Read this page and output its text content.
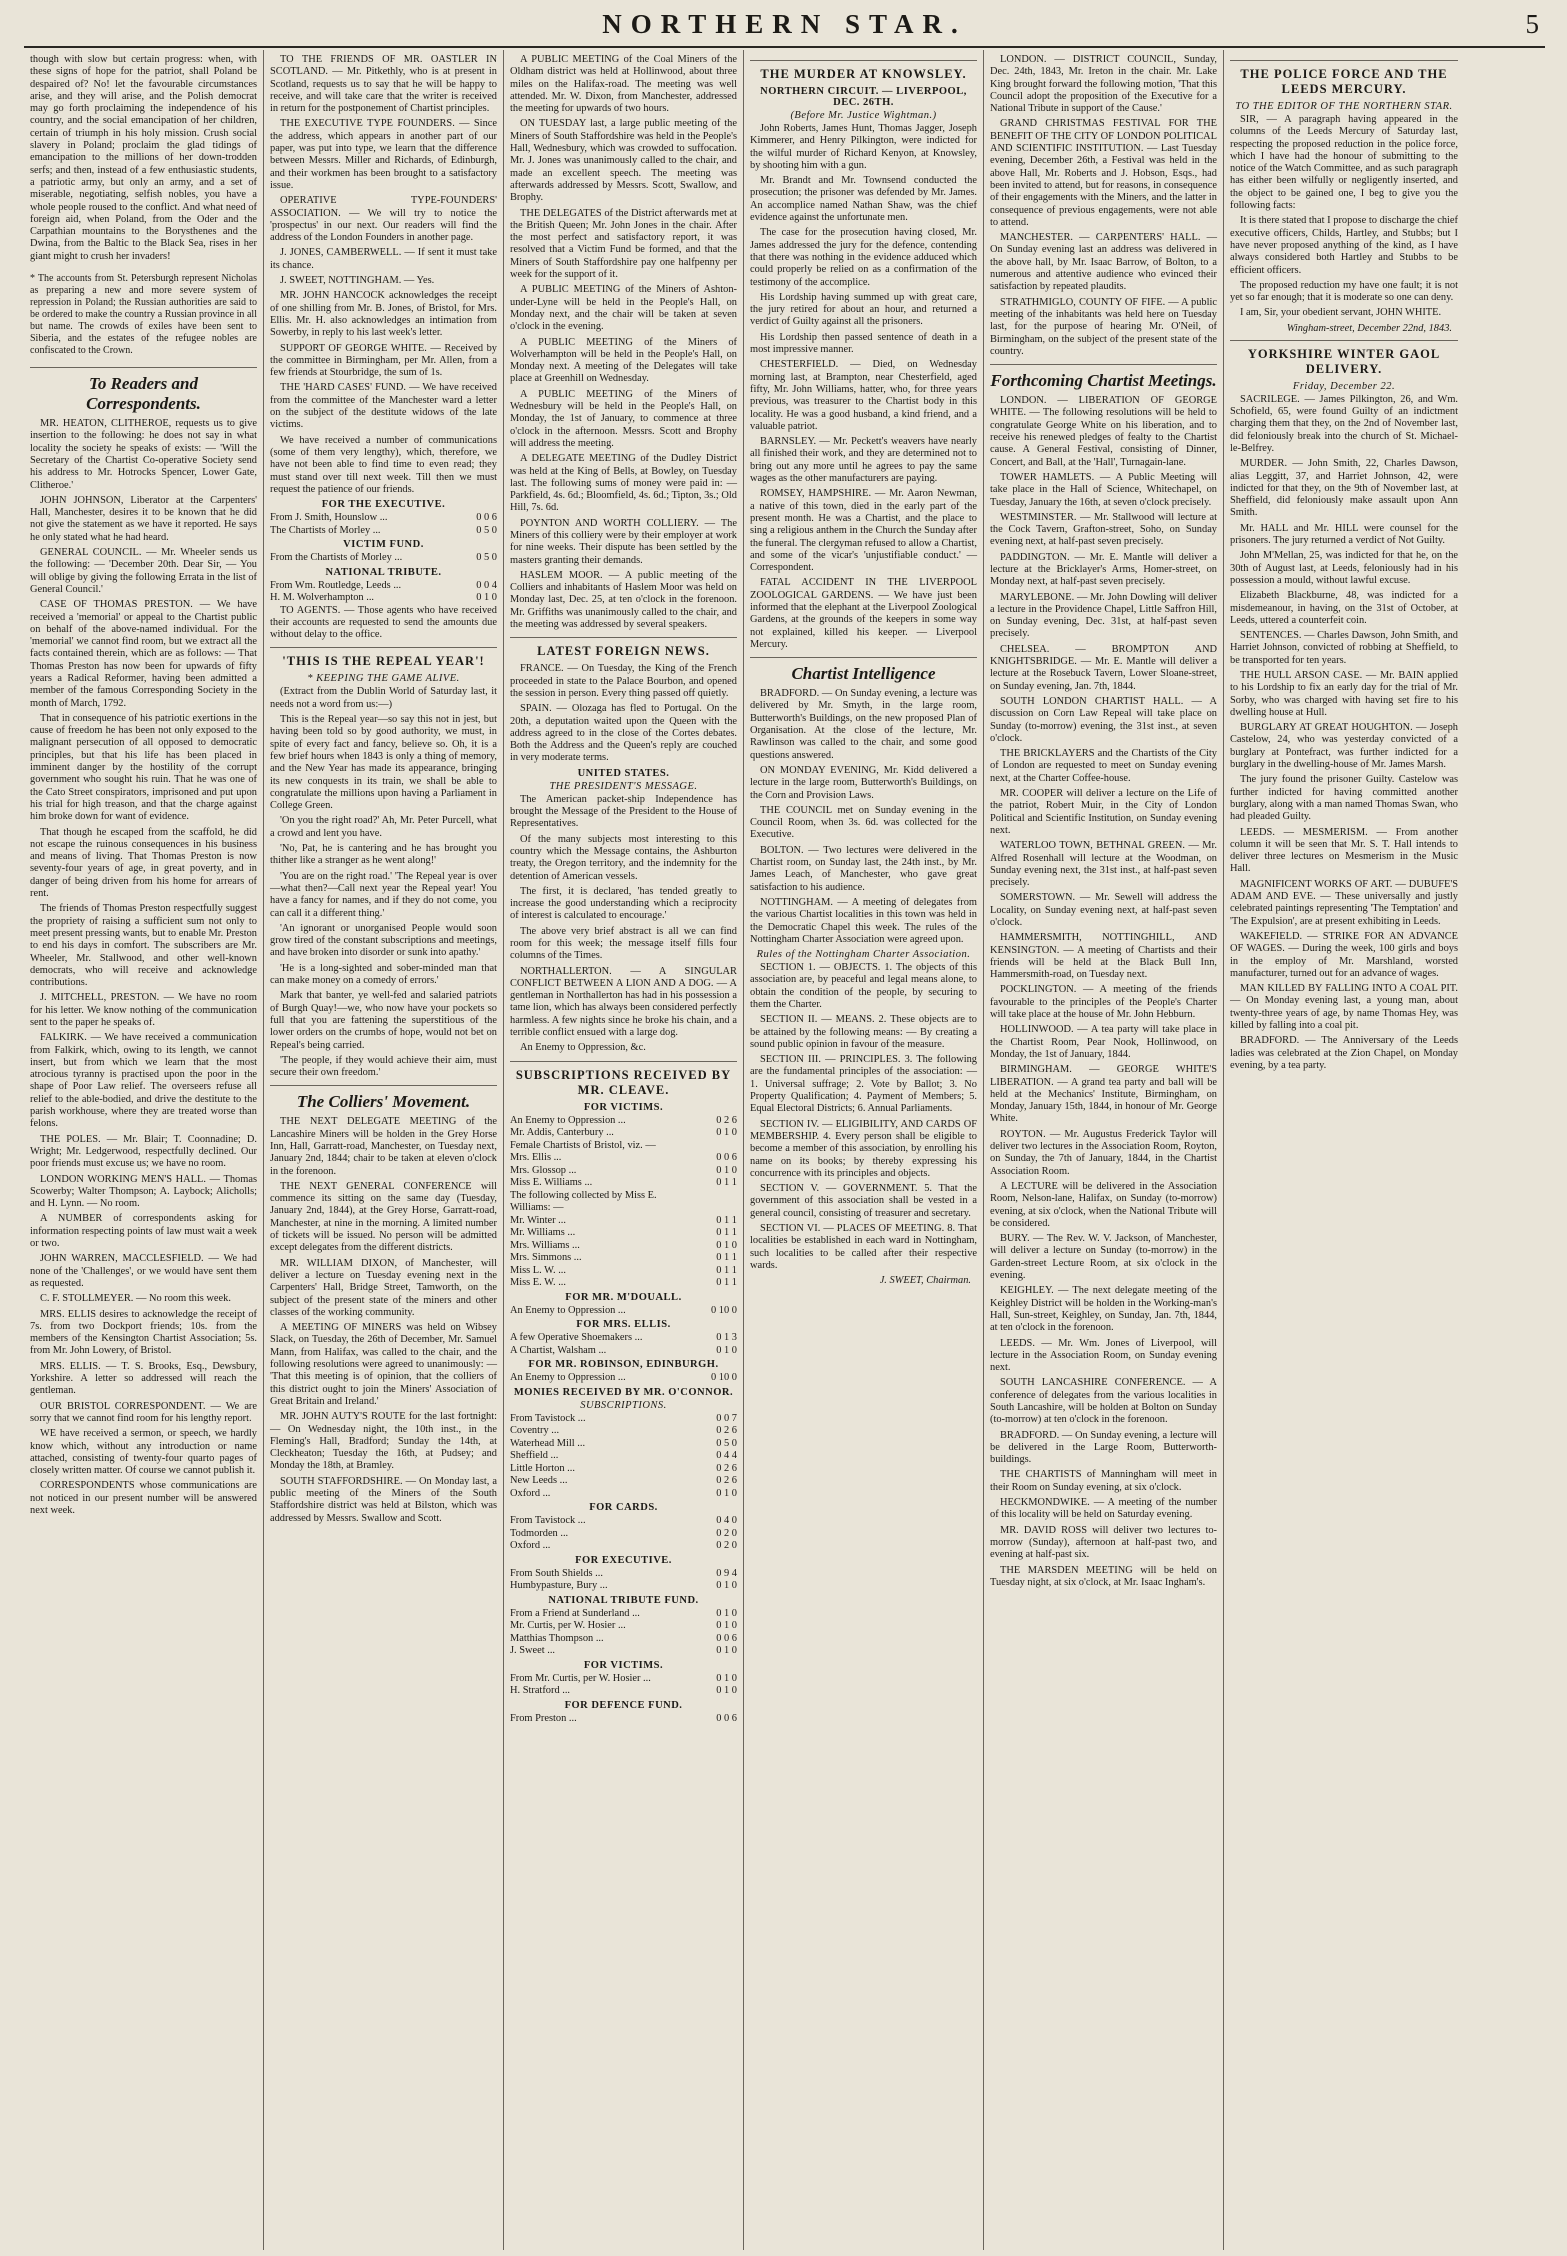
NORTHERN STAR.	5

though with slow but certain progress: when, with these signs of hope for the patriot, shall Poland be despaired of? No! let the favourable circumstances arise, and they will arise, and the Polish democrat may go forth proclaiming the independence of his country, and the social emancipation of her children, certain of triumph in his holy mission. Crush social slavery in Poland; proclaim the glad tidings of emancipation to the millions of her down-trodden serfs; and then, instead of a few enthusiastic students, a patriotic army, but only an army, and a set of miserable, negotiating, selfish nobles, you have a whole people roused to the conflict. And what need of foreign aid, when Poland, from the Oder and the Carpathian mountains to the Borysthenes and the Dwina, from the Baltic to the Black Sea, rises in her giant might to crush her invaders!

* The accounts from St. Petersburgh represent Nicholas as preparing a new and more severe system of repression in Poland; the Russian authorities are said to be ordered to make the country a Russian province in all but name. The crowds of exiles have been sent to Siberia, and the estates of the refugee nobles are confiscated to the Crown.

To Readers and Correspondents.

MR. HEATON, CLITHEROE, requests us to give insertion to the following: he does not say in what locality the society he speaks of exists: — 'Will the Secretary of the Chartist Co-operative Society send his address to Mr. Hotrocks Spencer, Lower Gate, Clitheroe.'

JOHN JOHNSON, Liberator at the Carpenters' Hall, Manchester, desires it to be known that he did not give the statement as we have it reported. He says he only stated what he had heard.

GENERAL COUNCIL. — Mr. Wheeler sends us the following: — 'December 20th. Dear Sir, — You will oblige by giving the following Errata in the list of General Council.'

CASE OF THOMAS PRESTON. — We have received a 'memorial' or appeal to the Chartist public on behalf of the above-named individual. For the 'memorial' we cannot find room, but we extract all the facts contained therein, which are as follows: — That Thomas Preston has now been for upwards of fifty years a Radical Reformer, having been admitted a member of the famous Corresponding Society in the month of March, 1792.

That in consequence of his patriotic exertions in the cause of freedom he has been not only exposed to the malignant persecution of all opposed to democratic principles, but that his life has been placed in imminent danger by the hostility of the corrupt government who sought his ruin. That he was one of the Cato Street conspirators, imprisoned and put upon his trial for high treason, and that the charge against him broke down for want of evidence.

That though he escaped from the scaffold, he did not escape the ruinous consequences in his business and means of living. That Thomas Preston is now seventy-four years of age, in great poverty, and in danger of being driven from his home for arrears of rent.

The friends of Thomas Preston respectfully suggest the propriety of raising a sufficient sum not only to meet present pressing wants, but to enable Mr. Preston to end his days in comfort. The subscribers are Mr. Wheeler, Mr. Stallwood, and other well-known democrats, who will receive and acknowledge contributions.

J. MITCHELL, PRESTON. — We have no room for his letter. We know nothing of the communication sent to the paper he speaks of.

FALKIRK. — We have received a communication from Falkirk, which, owing to its length, we cannot insert, but from which we learn that the most atrocious tyranny is practised upon the poor in the shape of Poor Law relief. The overseers refuse all relief to the able-bodied, and drive the destitute to the parish workhouse, where they are treated worse than felons.

THE POLES. — Mr. Blair; T. Coonnadine; D. Wright; Mr. Ledgerwood, respectfully declined. Our poor friends must excuse us; we have no room.

LONDON WORKING MEN'S HALL. — Thomas Scowerby; Walter Thompson; A. Laybock; Alicholls; and H. Lynn. — No room.

A NUMBER of correspondents asking for information respecting points of law must wait a week or two.

JOHN WARREN, MACCLESFIELD. — We had none of the 'Challenges', or we would have sent them as requested.

C. F. STOLLMEYER. — No room this week.

MRS. ELLIS desires to acknowledge the receipt of 7s. from two Dockport friends; 10s. from the members of the Kensington Chartist Association; 5s. from Mr. John Lowery, of Bristol.

MRS. ELLIS. — T. S. Brooks, Esq., Dewsbury, Yorkshire. A letter so addressed will reach the gentleman.

OUR BRISTOL CORRESPONDENT. — We are sorry that we cannot find room for his lengthy report.

WE have received a sermon, or speech, we hardly know which, without any introduction or name attached, consisting of twenty-four quarto pages of closely written matter. Of course we cannot publish it.

CORRESPONDENTS whose communications are not noticed in our present number will be answered next week.

TO THE FRIENDS OF MR. OASTLER IN SCOTLAND. — Mr. Pitkethly, who is at present in Scotland, requests us to say that he will be happy to receive, and will take care that the writer is received in return for the postponement of Chartist principles.

THE EXECUTIVE TYPE FOUNDERS. — Since the address, which appears in another part of our paper, was put into type, we learn that the difference between Messrs. Miller and Richards, of Edinburgh, and their workmen has been brought to a satisfactory issue.

OPERATIVE TYPE-FOUNDERS' ASSOCIATION. — We will try to notice the 'prospectus' in our next. Our readers will find the address of the London Founders in another page.

J. JONES, CAMBERWELL. — If sent it must take its chance.

J. SWEET, NOTTINGHAM. — Yes.

MR. JOHN HANCOCK acknowledges the receipt of one shilling from Mr. B. Jones, of Bristol, for Mrs. Ellis. Mr. H. also acknowledges an intimation from Sowerby, in reply to his last week's letter.

SUPPORT OF GEORGE WHITE. — Received by the committee in Birmingham, per Mr. Allen, from a few friends at Stourbridge, the sum of 1s.

THE 'HARD CASES' FUND. — We have received from the committee of the Manchester ward a letter on the subject of the destitute widows of the late victims.

We have received a number of communications (some of them very lengthy), which, therefore, we have not been able to find time to even read; they must stand over till next week. Till then we must request the patience of our friends.

FOR THE EXECUTIVE.
From J. Smith, Hounslow ...	0 0 6
The Chartists of Morley ...	0 5 0
VICTIM FUND.
From the Chartists of Morley ...	0 5 0
NATIONAL TRIBUTE.
From Wm. Routledge, Leeds ...	0 0 4
H. M. Wolverhampton ...	0 1 0

TO AGENTS. — Those agents who have received their accounts are requested to send the amounts due without delay to the office.

'THIS IS THE REPEAL YEAR'!
* KEEPING THE GAME ALIVE.

(Extract from the Dublin World of Saturday last, it needs not a word from us:—)

This is the Repeal year—so say this not in jest, but having been told so by good authority, we must, in spite of every fact and fancy, believe so. Oh, it is a few brief hours when 1843 is only a thing of memory, and the New Year has made its appearance, bringing its new conquests in its train, we shall be able to congratulate the millions upon having a Parliament in College Green.

'On you the right road?' Ah, Mr. Peter Purcell, what a crowd and lent you have.

'No, Pat, he is cantering and he has brought you thither like a stranger as he went along!'

'You are on the right road.' 'The Repeal year is over—what then?—Call next year the Repeal year! You have a fancy for names, and if they do not come, you can call it a different thing.'

'An ignorant or unorganised People would soon grow tired of the constant subscriptions and meetings, and have broken into disorder or sunk into apathy.'

'He is a long-sighted and sober-minded man that can make money on a comedy of errors.'

Mark that banter, ye well-fed and salaried patriots of Burgh Quay!—we, who now have your pockets so full that you are fattening the superstitious of the lower orders on the crumbs of hope, would not bet on Repeal's being carried.

'The people, if they would achieve their aim, must secure their own freedom.'

The Colliers' Movement.

THE NEXT DELEGATE MEETING of the Lancashire Miners will be holden in the Grey Horse Inn, Hall, Garratt-road, Manchester, on Tuesday next, January 2nd, 1844; chair to be taken at eleven o'clock in the forenoon.

THE NEXT GENERAL CONFERENCE will commence its sitting on the same day (Tuesday, January 2nd, 1844), at the Grey Horse, Garratt-road, Manchester, at nine in the morning. A limited number of tickets will be issued. No person will be admitted except delegates from the different districts.

MR. WILLIAM DIXON, of Manchester, will deliver a lecture on Tuesday evening next in the Carpenters' Hall, Bridge Street, Tamworth, on the subject of the present state of the miners and other classes of the working community.

A MEETING OF MINERS was held on Wibsey Slack, on Tuesday, the 26th of December, Mr. Samuel Mann, from Halifax, was called to the chair, and the following resolutions were agreed to unanimously: — 'That this meeting is of opinion, that the colliers of this district ought to join the Miners' Association of Great Britain and Ireland.'

MR. JOHN AUTY'S ROUTE for the last fortnight: — On Wednesday night, the 10th inst., in the Fleming's Hall, Bradford; Sunday the 14th, at Cleckheaton; Tuesday the 16th, at Pudsey; and Monday the 18th, at Bramley.

SOUTH STAFFORDSHIRE. — On Monday last, a public meeting of the Miners of the South Staffordshire district was held at Bilston, which was addressed by Messrs. Swallow and Scott.

A PUBLIC MEETING of the Coal Miners of the Oldham district was held at Hollinwood, about three miles on the Halifax-road. The meeting was well attended. Mr. W. Dixon, from Manchester, addressed the meeting for upwards of two hours.

ON TUESDAY last, a large public meeting of the Miners of South Staffordshire was held in the People's Hall, Wednesbury, which was crowded to suffocation. Mr. J. Jones was unanimously called to the chair, and made an excellent speech. The meeting was afterwards addressed by Messrs. Scott, Swallow, and Brophy.

THE DELEGATES of the District afterwards met at the British Queen; Mr. John Jones in the chair. After the most perfect and satisfactory report, it was resolved that a Victim Fund be formed, and that the Miners of South Staffordshire pay one halfpenny per week for the support of it.

A PUBLIC MEETING of the Miners of Ashton-under-Lyne will be held in the People's Hall, on Monday next, and the chair will be taken at seven o'clock in the evening.

A PUBLIC MEETING of the Miners of Wolverhampton will be held in the People's Hall, on Monday next. A meeting of the Delegates will take place at Greenhill on Wednesday.

A PUBLIC MEETING of the Miners of Wednesbury will be held in the People's Hall, on Monday, the 1st of January, to commence at three o'clock in the afternoon. Messrs. Scott and Brophy will address the meeting.

A DELEGATE MEETING of the Dudley District was held at the King of Bells, at Bowley, on Tuesday last. The following sums of money were paid in: — Parkfield, 4s. 6d.; Bloomfield, 4s. 6d.; Tipton, 3s.; Old Hill, 7s. 6d.

POYNTON AND WORTH COLLIERY. — The Miners of this colliery were by their employer at work for nine weeks. Their dispute has been settled by the masters granting their demands.

HASLEM MOOR. — A public meeting of the Colliers and inhabitants of Haslem Moor was held on Monday last, Dec. 25, at ten o'clock in the forenoon. Mr. Griffiths was unanimously called to the chair, and the meeting was addressed by several speakers.

LATEST FOREIGN NEWS.

FRANCE. — On Tuesday, the King of the French proceeded in state to the Palace Bourbon, and opened the session in person. Every thing passed off quietly.

SPAIN. — Olozaga has fled to Portugal. On the 20th, a deputation waited upon the Queen with the address agreed to in the close of the Cortes debates. Both the Address and the Queen's reply are couched in very moderate terms.

UNITED STATES.
THE PRESIDENT'S MESSAGE.

The American packet-ship Independence has brought the Message of the President to the House of Representatives.

Of the many subjects most interesting to this country which the Message contains, the Ashburton treaty, the Oregon territory, and the indemnity for the detention of American vessels.

The first, it is declared, 'has tended greatly to increase the good understanding which a reciprocity of interest is calculated to encourage.'

The above very brief abstract is all we can find room for this week; the message itself fills four columns of the Times.

NORTHALLERTON. — A SINGULAR CONFLICT BETWEEN A LION AND A DOG. — A gentleman in Northallerton has had in his possession a tame lion, which has always been considered perfectly harmless. A few nights since he broke his chain, and a terrible conflict ensued with a large dog.

An Enemy to Oppression, &c.

SUBSCRIPTIONS RECEIVED BY MR. CLEAVE.
FOR VICTIMS.
An Enemy to Oppression ...	0 2 6
Mr. Addis, Canterbury ...	0 1 0
Female Chartists of Bristol, viz. —	
Mrs. Ellis ...	0 0 6
Mrs. Glossop ...	0 1 0
Miss E. Williams ...	0 1 1
The following collected by Miss E. Williams: —	
Mr. Winter ...	0 1 1
Mr. Williams ...	0 1 1
Mrs. Williams ...	0 1 0
Mrs. Simmons ...	0 1 1
Miss L. W. ...	0 1 1
Miss E. W. ...	0 1 1
FOR MR. M'DOUALL.
An Enemy to Oppression ...	0 10 0
FOR MRS. ELLIS.
A few Operative Shoemakers ...	0 1 3
A Chartist, Walsham ...	0 1 0
FOR MR. ROBINSON, EDINBURGH.
An Enemy to Oppression ...	0 10 0
MONIES RECEIVED BY MR. O'CONNOR.
SUBSCRIPTIONS.
From Tavistock ...	0 0 7
Coventry ...	0 2 6
Waterhead Mill ...	0 5 0
Sheffield ...	0 4 4
Little Horton ...	0 2 6
New Leeds ...	0 2 6
Oxford ...	0 1 0
FOR CARDS.
From Tavistock ...	0 4 0
Todmorden ...	0 2 0
Oxford ...	0 2 0
FOR EXECUTIVE.
From South Shields ...	0 9 4
Humbypasture, Bury ...	0 1 0
NATIONAL TRIBUTE FUND.
From a Friend at Sunderland ...	0 1 0
Mr. Curtis, per W. Hosier ...	0 1 0
Matthias Thompson ...	0 0 6
J. Sweet ...	0 1 0
FOR VICTIMS.
From Mr. Curtis, per W. Hosier ...	0 1 0
H. Stratford ...	0 1 0
FOR DEFENCE FUND.
From Preston ...	0 0 6
THE MURDER AT KNOWSLEY.
NORTHERN CIRCUIT. — LIVERPOOL, DEC. 26TH.
(Before Mr. Justice Wightman.)

John Roberts, James Hunt, Thomas Jagger, Joseph Kimmerer, and Henry Pilkington, were indicted for the wilful murder of Richard Kenyon, at Knowsley, by shooting him with a gun.

Mr. Brandt and Mr. Townsend conducted the prosecution; the prisoner was defended by Mr. James. An accomplice named Nathan Shaw, was the chief evidence against the unfortunate men.

The case for the prosecution having closed, Mr. James addressed the jury for the defence, contending that there was nothing in the evidence adduced which could properly be relied on as a confirmation of the testimony of the accomplice.

His Lordship having summed up with great care, the jury retired for about an hour, and returned a verdict of Guilty against all the prisoners.

His Lordship then passed sentence of death in a most impressive manner.

CHESTERFIELD. — Died, on Wednesday morning last, at Brampton, near Chesterfield, aged fifty, Mr. John Williams, hatter, who, for three years previous, was treasurer to the Chartist body in this locality. He was a good husband, a kind friend, and a valuable patriot.

BARNSLEY. — Mr. Peckett's weavers have nearly all finished their work, and they are determined not to bring out any more until he agrees to pay the same wages as the other manufacturers are paying.

ROMSEY, HAMPSHIRE. — Mr. Aaron Newman, a native of this town, died in the early part of the present month. He was a Chartist, and the place to sing a religious anthem in the Church the Sunday after the funeral. The clergyman refused to allow a Chartist, and some of the vicar's 'unjustifiable conduct.' — Correspondent.

FATAL ACCIDENT IN THE LIVERPOOL ZOOLOGICAL GARDENS. — We have just been informed that the elephant at the Liverpool Zoological Gardens, at the grounds of the keepers in some way not explained, killed his keeper. — Liverpool Mercury.

Chartist Intelligence

BRADFORD. — On Sunday evening, a lecture was delivered by Mr. Smyth, in the large room, Butterworth's Buildings, on the new proposed Plan of Organisation. At the close of the lecture, Mr. Rawlinson was called to the chair, and some good questions answered.

ON MONDAY EVENING, Mr. Kidd delivered a lecture in the large room, Butterworth's Buildings, on the Corn and Provision Laws.

THE COUNCIL met on Sunday evening in the Council Room, when 3s. 6d. was collected for the Executive.

BOLTON. — Two lectures were delivered in the Chartist room, on Sunday last, the 24th inst., by Mr. James Leach, of Manchester, who gave great satisfaction to his audience.

NOTTINGHAM. — A meeting of delegates from the various Chartist localities in this town was held in the Democratic Chapel this week. The rules of the Nottingham Charter Association were agreed upon.

Rules of the Nottingham Charter Association.

SECTION 1. — OBJECTS. 1. The objects of this association are, by peaceful and legal means alone, to obtain the condition of the people, by securing to them the Charter.

SECTION II. — MEANS. 2. These objects are to be attained by the following means: — By creating a sound public opinion in favour of the measure.

SECTION III. — PRINCIPLES. 3. The following are the fundamental principles of the association: — 1. Universal suffrage; 2. Vote by Ballot; 3. No Property Qualification; 4. Payment of Members; 5. Equal Electoral Districts; 6. Annual Parliaments.

SECTION IV. — ELIGIBILITY, AND CARDS OF MEMBERSHIP. 4. Every person shall be eligible to become a member of this association, by enrolling his name on its books; by thereby expressing his concurrence with its principles and objects.

SECTION V. — GOVERNMENT. 5. That the government of this association shall be vested in a general council, consisting of treasurer and secretary.

SECTION VI. — PLACES OF MEETING. 8. That localities be established in each ward in Nottingham, such localities to be called after their respective wards.

J. SWEET, Chairman.

LONDON. — DISTRICT COUNCIL, Sunday, Dec. 24th, 1843, Mr. Ireton in the chair. Mr. Lake King brought forward the following motion, 'That this Council adopt the proposition of the Executive for a National Tribute in support of the Cause.'

GRAND CHRISTMAS FESTIVAL FOR THE BENEFIT OF THE CITY OF LONDON POLITICAL AND SCIENTIFIC INSTITUTION. — Last Tuesday evening, December 26th, a Festival was held in the above Hall, Mr. Roberts and J. Hobson, Esqs., had been invited to attend, but for reasons, in consequence of their engagements with the Miners, and the latter in consequence of previous engagements, were not able to attend.

MANCHESTER. — CARPENTERS' HALL. — On Sunday evening last an address was delivered in the above hall, by Mr. Isaac Barrow, of Bolton, to a numerous and attentive audience who evinced their satisfaction by repeated plaudits.

STRATHMIGLO, COUNTY OF FIFE. — A public meeting of the inhabitants was held here on Tuesday last, for the purpose of hearing Mr. O'Neil, of Birmingham, on the subject of the present state of the country.

Forthcoming Chartist Meetings.

LONDON. — LIBERATION OF GEORGE WHITE. — The following resolutions will be held to congratulate George White on his liberation, and to receive his renewed pledges of fealty to the Chartist cause. A General Festival, consisting of Dinner, Concert, and Ball, at the 'Hall', Turnagain-lane.

TOWER HAMLETS. — A Public Meeting will take place in the Hall of Science, Whitechapel, on Tuesday, January the 16th, at seven o'clock precisely.

WESTMINSTER. — Mr. Stallwood will lecture at the Cock Tavern, Grafton-street, Soho, on Sunday evening next, at half-past seven precisely.

PADDINGTON. — Mr. E. Mantle will deliver a lecture at the Bricklayer's Arms, Homer-street, on Monday next, at half-past seven precisely.

MARYLEBONE. — Mr. John Dowling will deliver a lecture in the Providence Chapel, Little Saffron Hill, on Sunday evening, Dec. 31st, at half-past seven precisely.

CHELSEA. — BROMPTON AND KNIGHTSBRIDGE. — Mr. E. Mantle will deliver a lecture at the Rosebuck Tavern, Lower Sloane-street, on Sunday evening, Jan. 7th, 1844.

SOUTH LONDON CHARTIST HALL. — A discussion on Corn Law Repeal will take place on Sunday (to-morrow) evening, the 31st inst., at seven o'clock.

THE BRICKLAYERS and the Chartists of the City of London are requested to meet on Sunday evening next, at the Charter Coffee-house.

MR. COOPER will deliver a lecture on the Life of the patriot, Robert Muir, in the City of London Political and Scientific Institution, on Sunday evening next.

WATERLOO TOWN, BETHNAL GREEN. — Mr. Alfred Rosenhall will lecture at the Woodman, on Sunday evening next, the 31st inst., at half-past seven precisely.

SOMERSTOWN. — Mr. Sewell will address the Locality, on Sunday evening next, at half-past seven o'clock.

HAMMERSMITH, NOTTINGHILL, AND KENSINGTON. — A meeting of Chartists and their friends will be held at the Black Bull Inn, Hammersmith-road, on Tuesday next.

POCKLINGTON. — A meeting of the friends favourable to the principles of the People's Charter will take place at the house of Mr. John Hebburn.

HOLLINWOOD. — A tea party will take place in the Chartist Room, Pear Nook, Hollinwood, on Monday, the 1st of January, 1844.

BIRMINGHAM. — GEORGE WHITE'S LIBERATION. — A grand tea party and ball will be held at the Mechanics' Institute, Birmingham, on Monday, January 15th, 1844, in honour of Mr. George White.

ROYTON. — Mr. Augustus Frederick Taylor will deliver two lectures in the Association Room, Royton, on Sunday, the 7th of January, 1844, in the Chartist Association Room.

A LECTURE will be delivered in the Association Room, Nelson-lane, Halifax, on Sunday (to-morrow) evening, at six o'clock, when the National Tribute will be considered.

BURY. — The Rev. W. V. Jackson, of Manchester, will deliver a lecture on Sunday (to-morrow) in the Garden-street Lecture Room, at six o'clock in the evening.

KEIGHLEY. — The next delegate meeting of the Keighley District will be holden in the Working-man's Hall, Sun-street, Keighley, on Sunday, Jan. 7th, 1844, at ten o'clock in the forenoon.

LEEDS. — Mr. Wm. Jones of Liverpool, will lecture in the Association Room, on Sunday evening next.

SOUTH LANCASHIRE CONFERENCE. — A conference of delegates from the various localities in South Lancashire, will be holden at Bolton on Sunday (to-morrow) at ten o'clock in the forenoon.

BRADFORD. — On Sunday evening, a lecture will be delivered in the Large Room, Butterworth-buildings.

THE CHARTISTS of Manningham will meet in their Room on Sunday evening, at six o'clock.

HECKMONDWIKE. — A meeting of the number of this locality will be held on Saturday evening.

MR. DAVID ROSS will deliver two lectures to-morrow (Sunday), afternoon at half-past two, and evening at half-past six.

THE MARSDEN MEETING will be held on Tuesday night, at six o'clock, at Mr. Isaac Ingham's.

THE POLICE FORCE AND THE LEEDS MERCURY.
TO THE EDITOR OF THE NORTHERN STAR.

SIR, — A paragraph having appeared in the columns of the Leeds Mercury of Saturday last, respecting the proposed reduction in the police force, which I have had the honour of submitting to the notice of the Watch Committee, and as such paragraph has either been wilfully or negligently inserted, and the object to be gained one, I beg to give you the following facts:

It is there stated that I propose to discharge the chief executive officers, Childs, Hartley, and Stubbs; but I have never proposed anything of the kind, as I have always considered both Hartley and Stubbs to be efficient officers.

The proposed reduction my have one fault; it is not yet so far enough; that it is moderate so one can deny.

I am, Sir, your obedient servant, JOHN WHITE.

Wingham-street, December 22nd, 1843.
YORKSHIRE WINTER GAOL DELIVERY.
Friday, December 22.

SACRILEGE. — James Pilkington, 26, and Wm. Schofield, 65, were found Guilty of an indictment charging them that they, on the 2nd of November last, did feloniously break into the church of St. Michael-le-Belfrey.

MURDER. — John Smith, 22, Charles Dawson, alias Leggitt, 37, and Harriet Johnson, 42, were indicted for that they, on the 9th of November last, at Sheffield, did feloniously make assault upon Ann Smith.

Mr. HALL and Mr. HILL were counsel for the prisoners. The jury returned a verdict of Not Guilty.

John M'Mellan, 25, was indicted for that he, on the 30th of August last, at Leeds, feloniously had in his possession a mould, without lawful excuse.

Elizabeth Blackburne, 48, was indicted for a misdemeanour, in having, on the 31st of October, at Leeds, uttered a counterfeit coin.

SENTENCES. — Charles Dawson, John Smith, and Harriet Johnson, convicted of robbing at Sheffield, to be transported for ten years.

THE HULL ARSON CASE. — Mr. BAIN applied to his Lordship to fix an early day for the trial of Mr. Sorby, who was charged with having set fire to his dwelling house at Hull.

BURGLARY AT GREAT HOUGHTON. — Joseph Castelow, 24, who was yesterday convicted of a burglary at Pontefract, was further indicted for a burglary in the dwelling-house of Mr. James Marsh.

The jury found the prisoner Guilty. Castelow was further indicted for having committed another burglary, along with a man named Thomas Swan, who had pleaded Guilty.

LEEDS. — MESMERISM. — From another column it will be seen that Mr. S. T. Hall intends to deliver three lectures on Mesmerism in the Music Hall.

MAGNIFICENT WORKS OF ART. — DUBUFE'S ADAM AND EVE. — These universally and justly celebrated paintings representing 'The Temptation' and 'The Expulsion', are at present exhibiting in Leeds.

WAKEFIELD. — STRIKE FOR AN ADVANCE OF WAGES. — During the week, 100 girls and boys in the employ of Mr. Marshland, worsted manufacturer, turned out for an advance of wages.

MAN KILLED BY FALLING INTO A COAL PIT. — On Monday evening last, a young man, about twenty-three years of age, by name Thomas Hey, was killed by falling into a coal pit.

BRADFORD. — The Anniversary of the Leeds ladies was celebrated at the Zion Chapel, on Monday evening, by a tea party.
